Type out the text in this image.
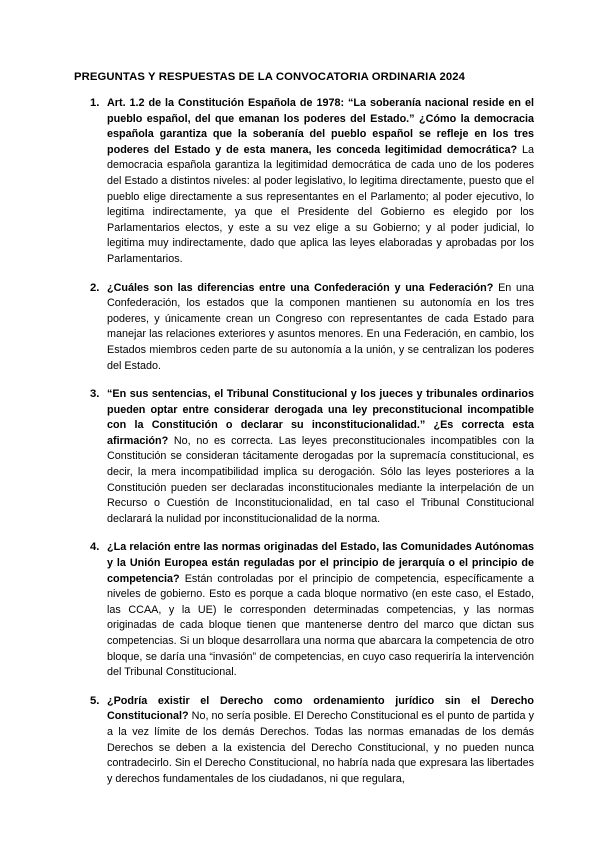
PREGUNTAS Y RESPUESTAS DE LA CONVOCATORIA ORDINARIA 2024
1. Art. 1.2 de la Constitución Española de 1978: “La soberanía nacional reside en el pueblo español, del que emanan los poderes del Estado.” ¿Cómo la democracia española garantiza que la soberanía del pueblo español se refleje en los tres poderes del Estado y de esta manera, les conceda legitimidad democrática? La democracia española garantiza la legitimidad democrática de cada uno de los poderes del Estado a distintos niveles: al poder legislativo, lo legitima directamente, puesto que el pueblo elige directamente a sus representantes en el Parlamento; al poder ejecutivo, lo legitima indirectamente, ya que el Presidente del Gobierno es elegido por los Parlamentarios electos, y este a su vez elige a su Gobierno; y al poder judicial, lo legitima muy indirectamente, dado que aplica las leyes elaboradas y aprobadas por los Parlamentarios.

2. ¿Cuáles son las diferencias entre una Confederación y una Federación? En una Confederación, los estados que la componen mantienen su autonomía en los tres poderes, y únicamente crean un Congreso con representantes de cada Estado para manejar las relaciones exteriores y asuntos menores. En una Federación, en cambio, los Estados miembros ceden parte de su autonomía a la unión, y se centralizan los poderes del Estado.

3. “En sus sentencias, el Tribunal Constitucional y los jueces y tribunales ordinarios pueden optar entre considerar derogada una ley preconstitucional incompatible con la Constitución o declarar su inconstitucionalidad.” ¿Es correcta esta afirmación? No, no es correcta. Las leyes preconstitucionales incompatibles con la Constitución se consideran tácitamente derogadas por la supremacía constitucional, es decir, la mera incompatibilidad implica su derogación. Sólo las leyes posteriores a la Constitución pueden ser declaradas inconstitucionales mediante la interpelación de un Recurso o Cuestión de Inconstitucionalidad, en tal caso el Tribunal Constitucional declarará la nulidad por inconstitucionalidad de la norma.

4. ¿La relación entre las normas originadas del Estado, las Comunidades Autónomas y la Unión Europea están reguladas por el principio de jerarquía o el principio de competencia? Están controladas por el principio de competencia, específicamente a niveles de gobierno. Esto es porque a cada bloque normativo (en este caso, el Estado, las CCAA, y la UE) le corresponden determinadas competencias, y las normas originadas de cada bloque tienen que mantenerse dentro del marco que dictan sus competencias. Si un bloque desarrollara una norma que abarcara la competencia de otro bloque, se daría una “invasión” de competencias, en cuyo caso requeriría la intervención del Tribunal Constitucional.

5. ¿Podría existir el Derecho como ordenamiento jurídico sin el Derecho Constitucional? No, no sería posible. El Derecho Constitucional es el punto de partida y a la vez límite de los demás Derechos. Todas las normas emanadas de los demás Derechos se deben a la existencia del Derecho Constitucional, y no pueden nunca contradecirlo. Sin el Derecho Constitucional, no habría nada que expresara las libertades y derechos fundamentales de los ciudadanos, ni que regulara,
